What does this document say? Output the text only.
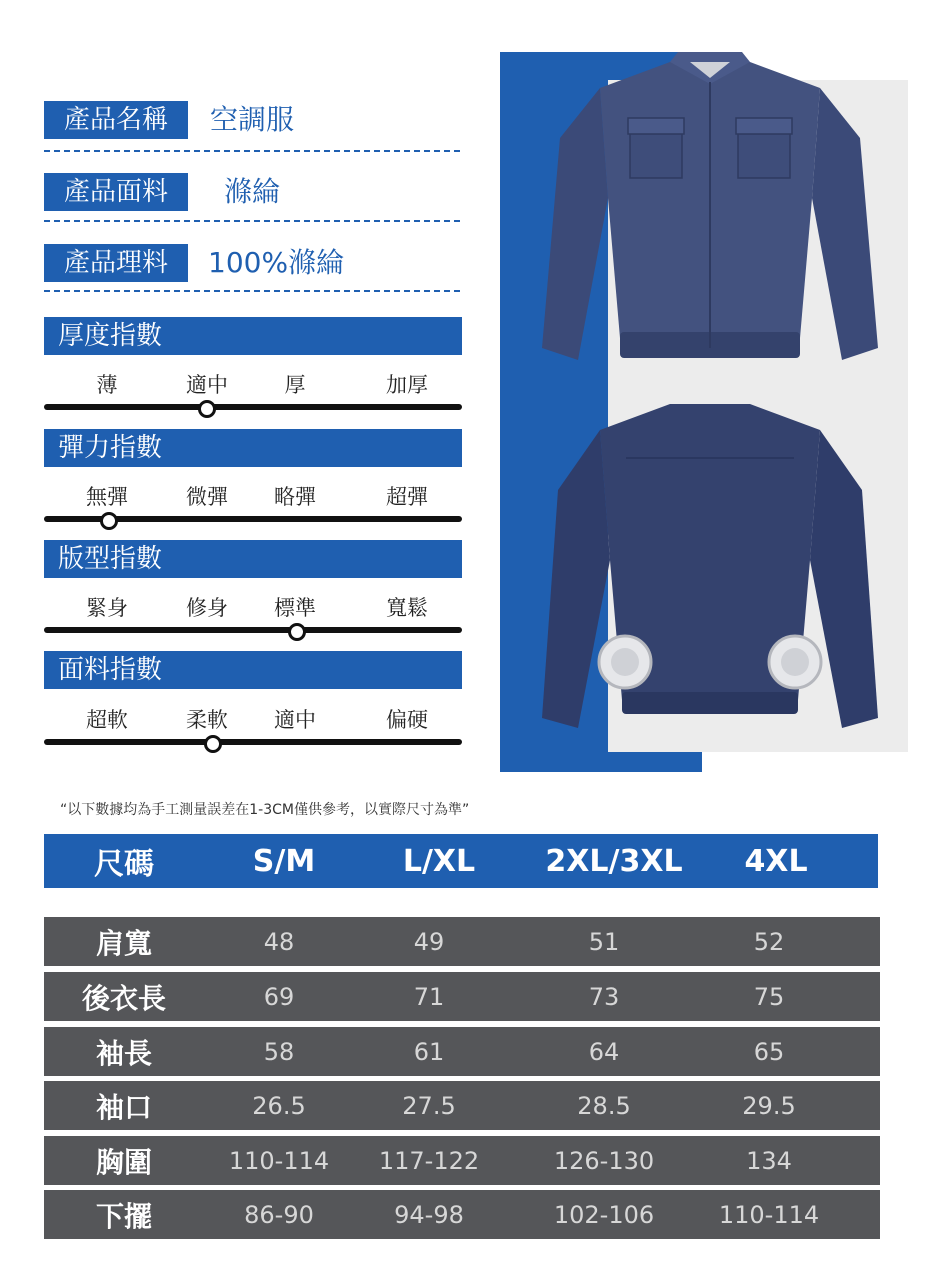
產品名稱	空調服
產品面料	滌綸
產品理料	100%滌綸
厚度指數
薄	適中	厚	加厚
彈力指數
無彈	微彈	略彈	超彈
版型指數
緊身	修身	標準	寬鬆
面料指數
超軟	柔軟	適中	偏硬
“以下數據均為手工測量誤差在1-3CM僅供參考，以實際尺寸為準”
尺碼	S/M	L/XL	2XL/3XL	4XL
肩寬	48	49	51	52
後衣長	69	71	73	75
袖長	58	61	64	65
袖口	26.5	27.5	28.5	29.5
胸圍	110-114	117-122	126-130	134
下擺	86-90	94-98	102-106	110-114
